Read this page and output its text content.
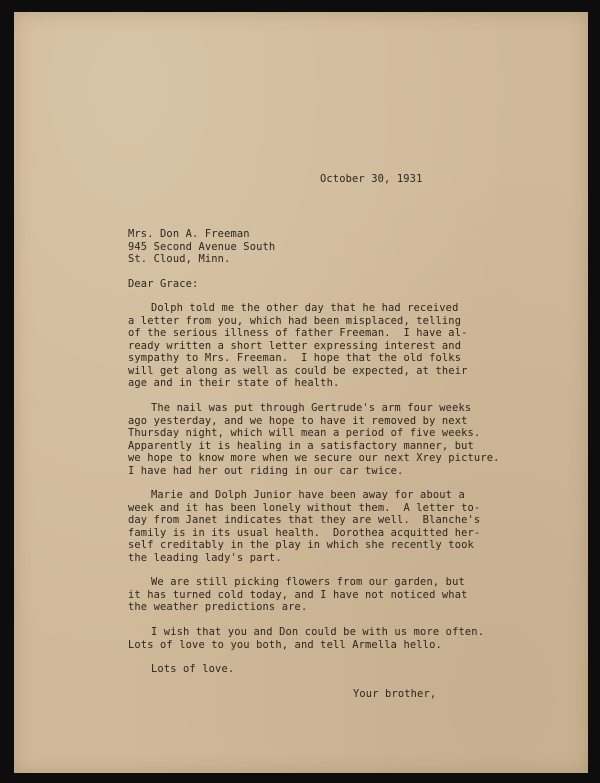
October 30, 1931
Mrs. Don A. Freeman
945 Second Avenue South
St. Cloud, Minn.
Dear Grace:
Dolph told me the other day that he had received
a letter from you, which had been misplaced, telling
of the serious illness of father Freeman.  I have al-
ready written a short letter expressing interest and
sympathy to Mrs. Freeman.  I hope that the old folks
will get along as well as could be expected, at their
age and in their state of health.
The nail was put through Gertrude's arm four weeks
ago yesterday, and we hope to have it removed by next
Thursday night, which will mean a period of five weeks.
Apparently it is healing in a satisfactory manner, but
we hope to know more when we secure our next Xrey picture.
I have had her out riding in our car twice.
Marie and Dolph Junior have been away for about a
week and it has been lonely without them.  A letter to-
day from Janet indicates that they are well.  Blanche's
family is in its usual health.  Dorothea acquitted her-
self creditably in the play in which she recently took
the leading lady's part.
We are still picking flowers from our garden, but
it has turned cold today, and I have not noticed what
the weather predictions are.
I wish that you and Don could be with us more often.
Lots of love to you both, and tell Armella hello.
Lots of love.
Your brother,
